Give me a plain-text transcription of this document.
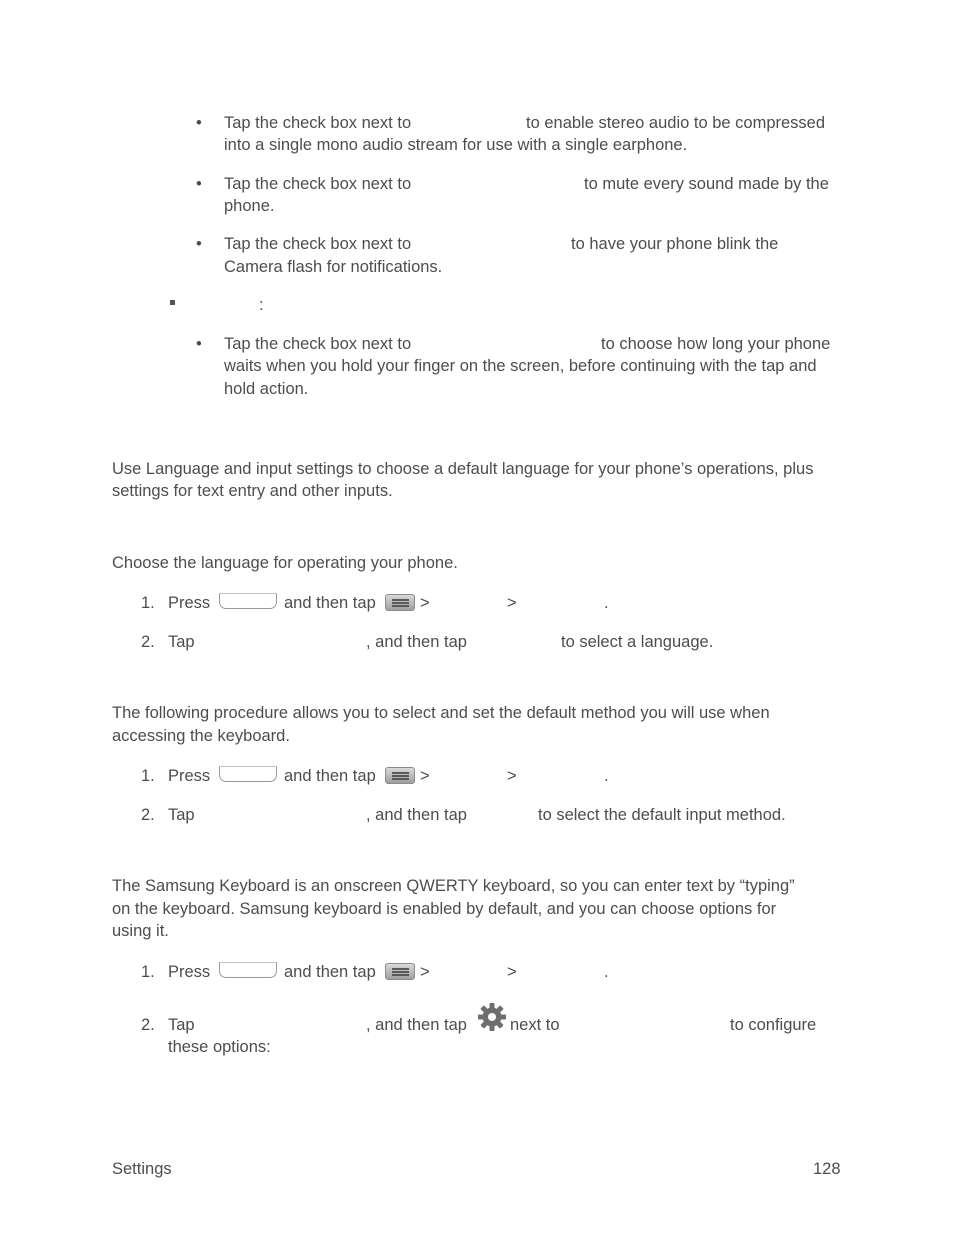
• Tap the check box next to	to enable stereo audio to be compressed
into a single mono audio stream for use with a single earphone.
• Tap the check box next to	to mute every sound made by the
phone.
• Tap the check box next to	to have your phone blink the
Camera flash for notifications.
:
• Tap the check box next to	to choose how long your phone
waits when you hold your finger on the screen, before continuing with the tap and
hold action.
Use Language and input settings to choose a default language for your phone’s operations, plus
settings for text entry and other inputs.
Choose the language for operating your phone.
1. Press	and then tap	>	>	.
2. Tap	, and then tap	to select a language.
The following procedure allows you to select and set the default method you will use when
accessing the keyboard.
1. Press	and then tap	>	>	.
2. Tap	, and then tap	to select the default input method.
The Samsung Keyboard is an onscreen QWERTY keyboard, so you can enter text by “typing”
on the keyboard. Samsung keyboard is enabled by default, and you can choose options for
using it.
1. Press	and then tap	>	>	.
2. Tap	, and then tap	next to	to configure
these options:
Settings	128
